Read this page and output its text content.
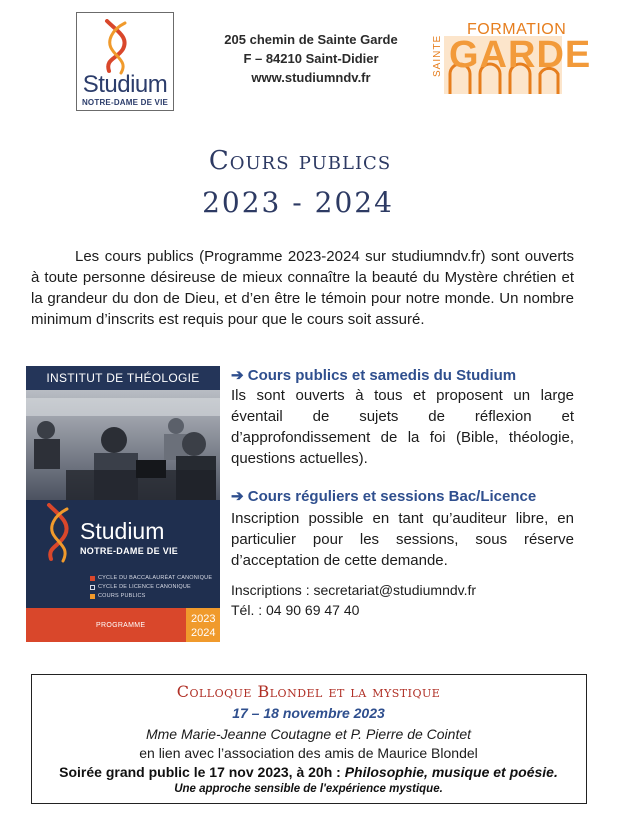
Studium
NOTRE-DAME DE VIE
205 chemin de Sainte Garde
F – 84210 Saint-Didier
www.studiumndv.fr
SAINTE
FORMATION
GARDE
Cours publics
2023 - 2024

Les cours publics (Programme 2023-2024 sur studiumndv.fr) sont ouverts à toute personne désireuse de mieux connaître la beauté du Mystère chrétien et la grandeur du don de Dieu, et d’en être le témoin pour notre monde. Un nombre minimum d’inscrits est requis pour que le cours soit assuré.

INSTITUT DE THÉOLOGIE
Studium
NOTRE-DAME DE VIE
CYCLE DU BACCALAURÉAT CANONIQUE
CYCLE DE LICENCE CANONIQUE
COURS PUBLICS
PROGRAMME
2023
2024
➔ Cours publics et samedis du Studium

Ils sont ouverts à tous et proposent un large éventail de sujets de réflexion et d’approfondissement de la foi (Bible, théologie, questions actuelles).

➔ Cours réguliers et sessions Bac/Licence

Inscription possible en tant qu’auditeur libre, en particulier pour les sessions, sous réserve d’acceptation de cette demande.

Inscriptions : secretariat@studiumndv.fr
Tél. : 04 90 69 47 40
Colloque Blondel et la mystique
17 – 18 novembre 2023
Mme Marie-Jeanne Coutagne et P. Pierre de Cointet
en lien avec l’association des amis de Maurice Blondel
Soirée grand public le 17 nov 2023, à 20h : Philosophie, musique et poésie.
Une approche sensible de l'expérience mystique.
